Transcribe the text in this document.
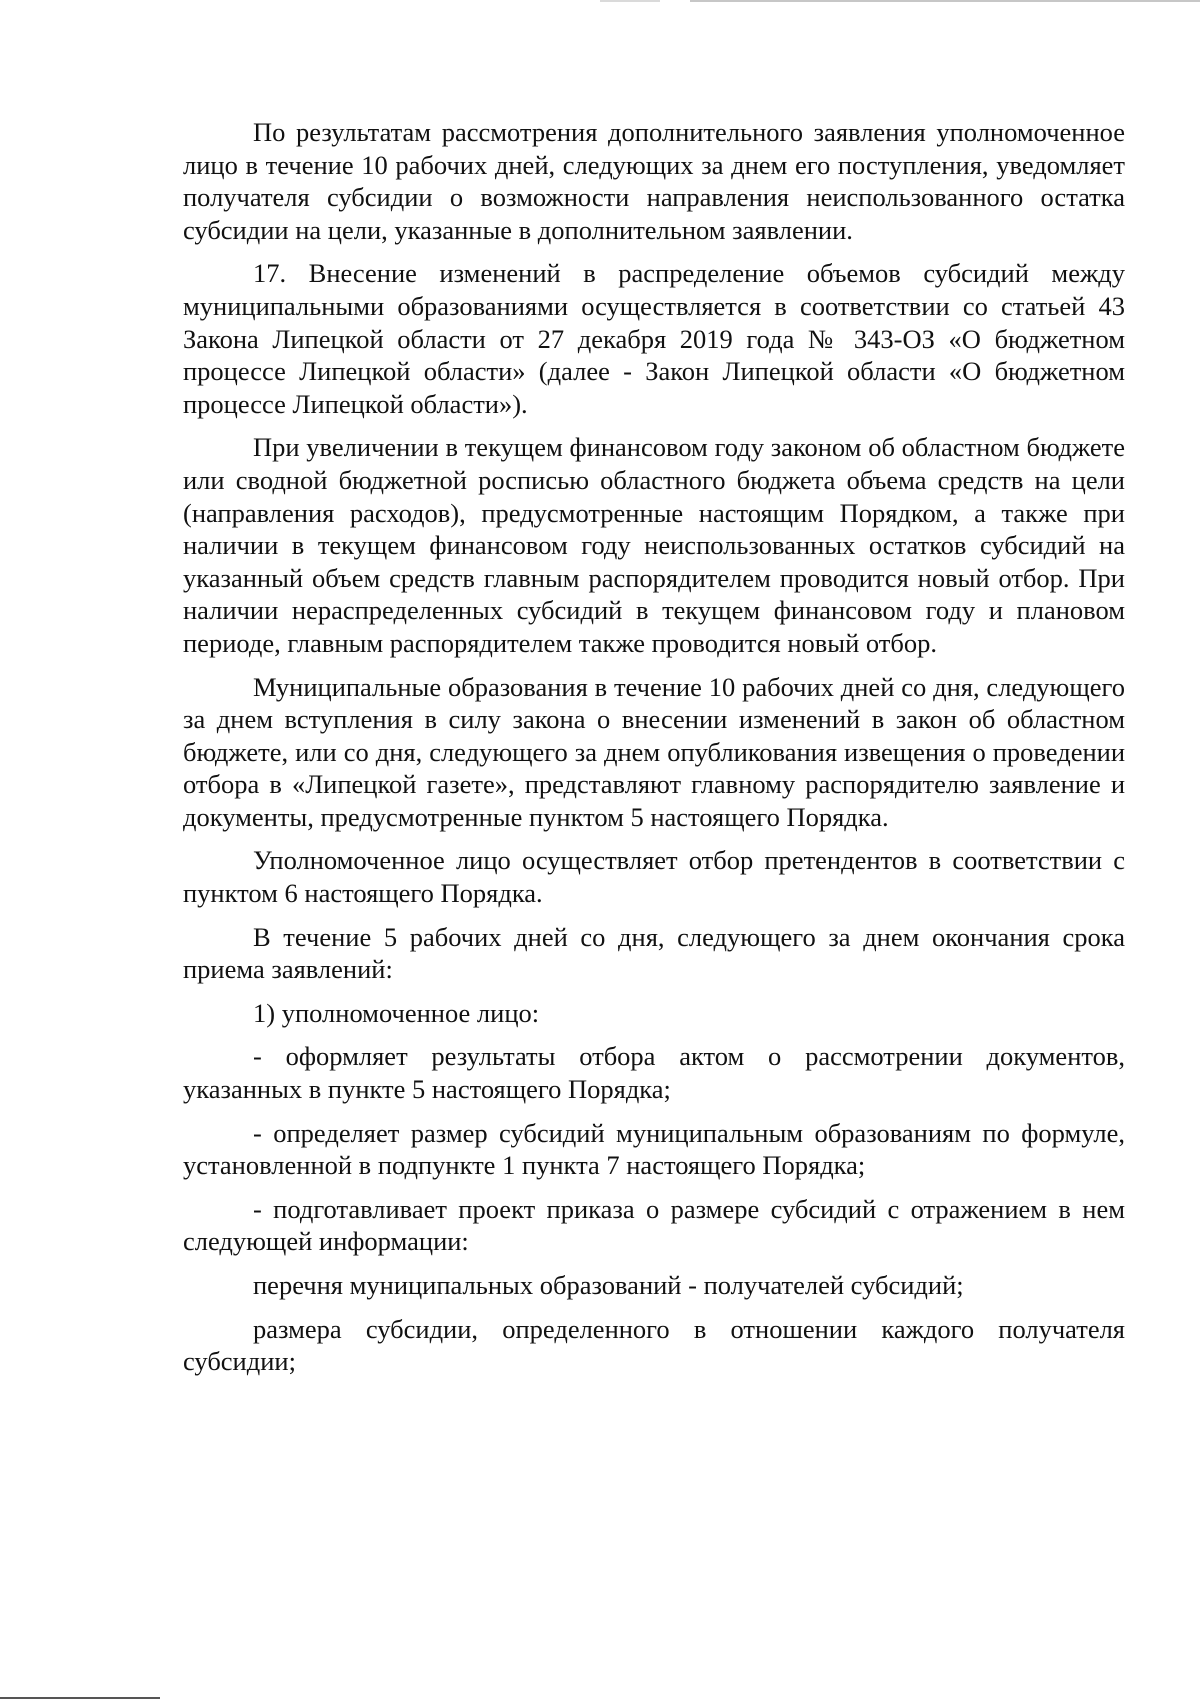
По результатам рассмотрения дополнительного заявления уполномоченное лицо в течение 10 рабочих дней, следующих за днем его поступления, уведомляет получателя субсидии о возможности направления неиспользованного остатка субсидии на цели, указанные в дополнительном заявлении.

17. Внесение изменений в распределение объемов субсидий между муниципальными образованиями осуществляется в соответствии со статьей 43 Закона Липецкой области от 27 декабря 2019 года № 343-ОЗ «О бюджетном процессе Липецкой области» (далее - Закон Липецкой области «О бюджетном процессе Липецкой области»).

При увеличении в текущем финансовом году законом об областном бюджете или сводной бюджетной росписью областного бюджета объема средств на цели (направления расходов), предусмотренные настоящим Порядком, а также при наличии в текущем финансовом году неиспользованных остатков субсидий на указанный объем средств главным распорядителем проводится новый отбор. При наличии нераспределенных субсидий в текущем финансовом году и плановом периоде, главным распорядителем также проводится новый отбор.

Муниципальные образования в течение 10 рабочих дней со дня, следующего за днем вступления в силу закона о внесении изменений в закон об областном бюджете, или со дня, следующего за днем опубликования извещения о проведении отбора в «Липецкой газете», представляют главному распорядителю заявление и документы, предусмотренные пунктом 5 настоящего Порядка.

Уполномоченное лицо осуществляет отбор претендентов в соответствии с пунктом 6 настоящего Порядка.

В течение 5 рабочих дней со дня, следующего за днем окончания срока приема заявлений:

1) уполномоченное лицо:

- оформляет результаты отбора актом о рассмотрении документов, указанных в пункте 5 настоящего Порядка;

- определяет размер субсидий муниципальным образованиям по формуле, установленной в подпункте 1 пункта 7 настоящего Порядка;

- подготавливает проект приказа о размере субсидий с отражением в нем следующей информации:

перечня муниципальных образований - получателей субсидий;

размера субсидии, определенного в отношении каждого получателя субсидии;
